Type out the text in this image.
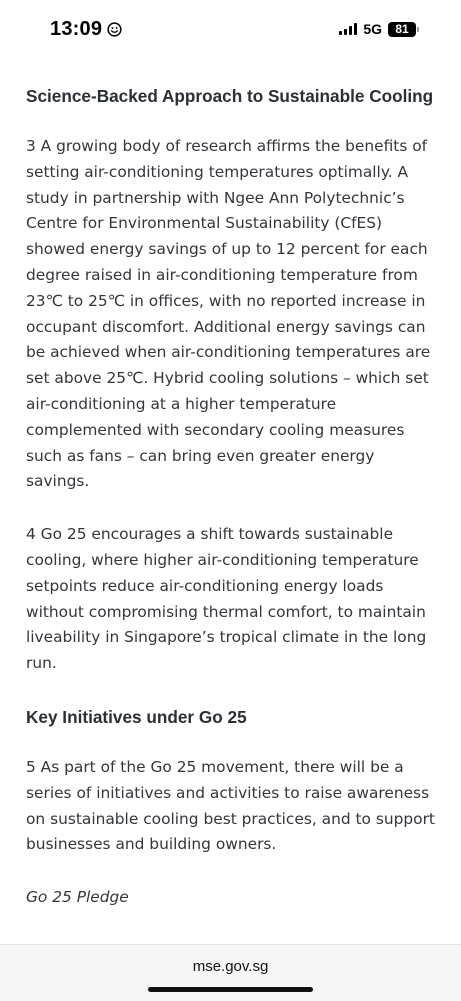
13:09	5G 81
Science-Backed Approach to Sustainable Cooling

3 A growing body of research affirms the benefits of setting air-conditioning temperatures optimally. A study in partnership with Ngee Ann Polytechnic’s Centre for Environmental Sustainability (CfES) showed energy savings of up to 12 percent for each degree raised in air-conditioning temperature from 23℃ to 25℃ in offices, with no reported increase in occupant discomfort. Additional energy savings can be achieved when air-conditioning temperatures are set above 25℃. Hybrid cooling solutions – which set air-conditioning at a higher temperature complemented with secondary cooling measures such as fans – can bring even greater energy savings.

4 Go 25 encourages a shift towards sustainable cooling, where higher air-conditioning temperature setpoints reduce air-conditioning energy loads without compromising thermal comfort, to maintain liveability in Singapore’s tropical climate in the long run.

Key Initiatives under Go 25

5 As part of the Go 25 movement, there will be a series of initiatives and activities to raise awareness on sustainable cooling best practices, and to support businesses and building owners.

Go 25 Pledge

mse.gov.sg
